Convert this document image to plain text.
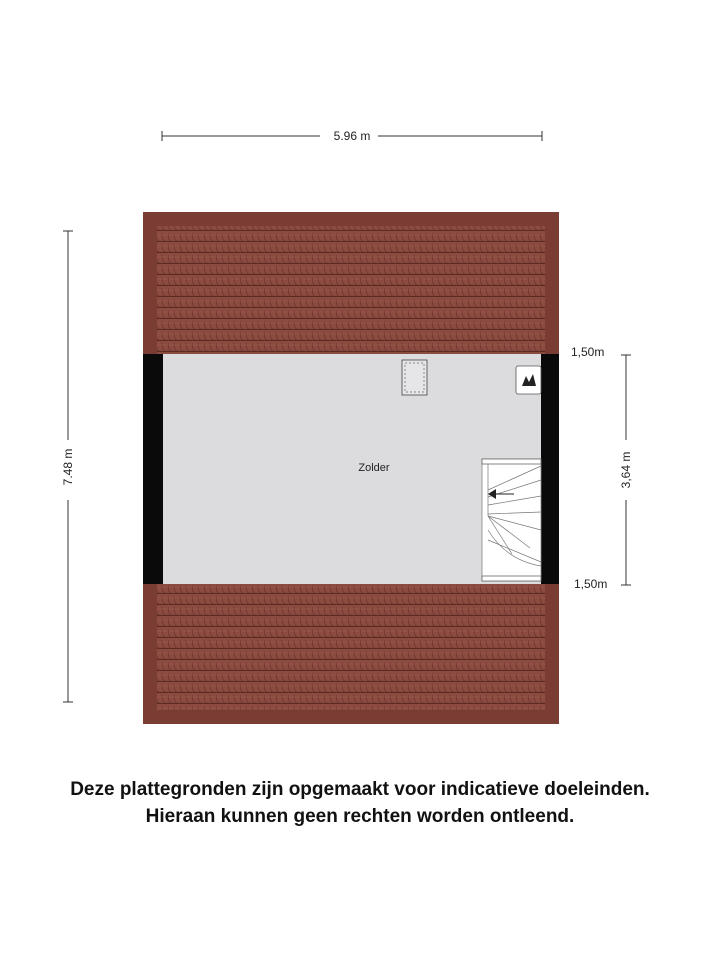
5.96 m
7.48 m	3,64 m
1,50m
1,50m
Zolder
Deze plattegronden zijn opgemaakt voor indicatieve doeleinden.
Hieraan kunnen geen rechten worden ontleend.
